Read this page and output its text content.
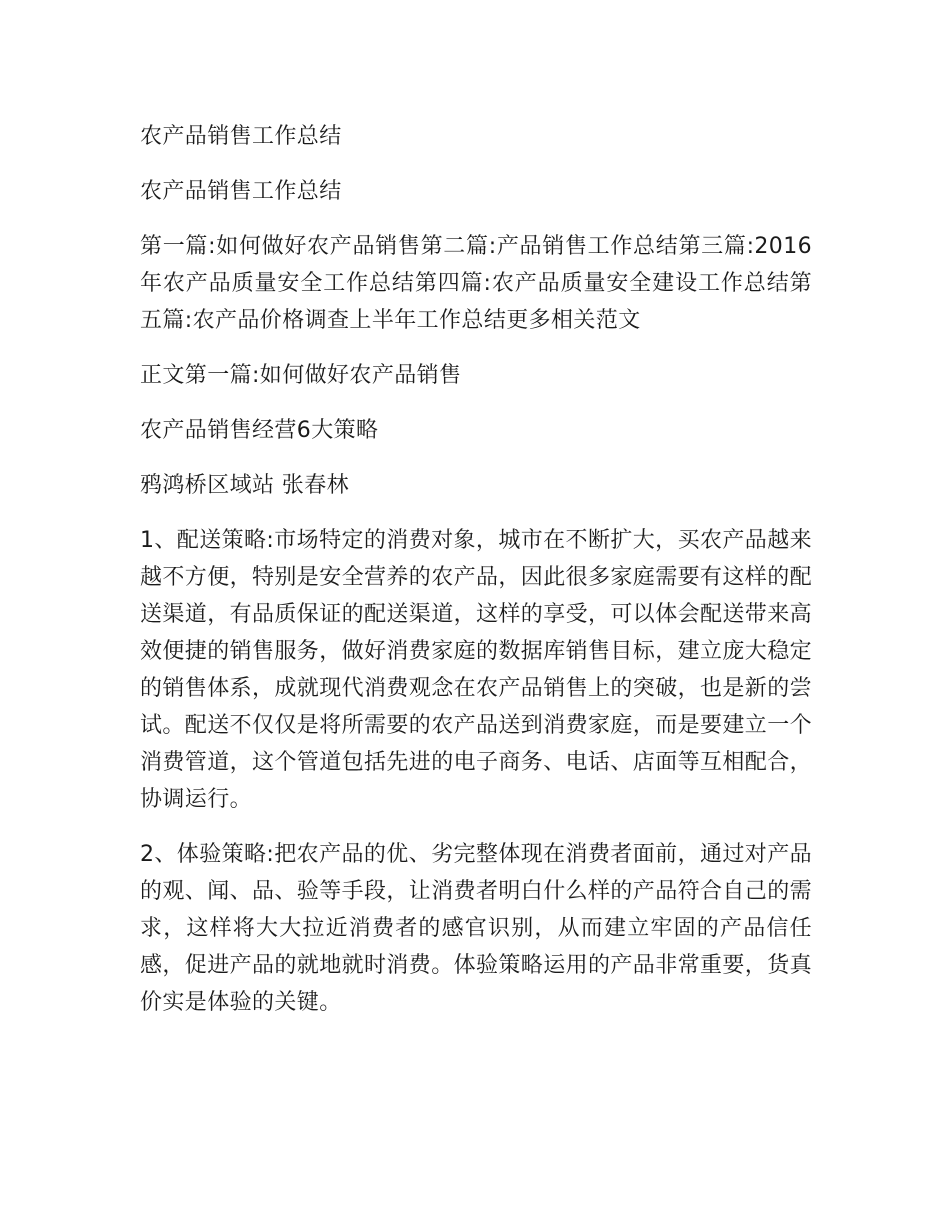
农产品销售工作总结

农产品销售工作总结

第一篇:如何做好农产品销售第二篇:产品销售工作总结第三篇:2016年农产品质量安全工作总结第四篇:农产品质量安全建设工作总结第五篇:农产品价格调查上半年工作总结更多相关范文

正文第一篇:如何做好农产品销售

农产品销售经营6大策略

鸦鸿桥区域站 张春林

1、配送策略:市场特定的消费对象，城市在不断扩大，买农产品越来越不方便，特别是安全营养的农产品，因此很多家庭需要有这样的配送渠道，有品质保证的配送渠道，这样的享受，可以体会配送带来高效便捷的销售服务，做好消费家庭的数据库销售目标，建立庞大稳定的销售体系，成就现代消费观念在农产品销售上的突破，也是新的尝试。配送不仅仅是将所需要的农产品送到消费家庭，而是要建立一个消费管道，这个管道包括先进的电子商务、电话、店面等互相配合，协调运行。

2、体验策略:把农产品的优、劣完整体现在消费者面前，通过对产品的观、闻、品、验等手段，让消费者明白什么样的产品符合自己的需求，这样将大大拉近消费者的感官识别，从而建立牢固的产品信任感，促进产品的就地就时消费。体验策略运用的产品非常重要，货真价实是体验的关键。
